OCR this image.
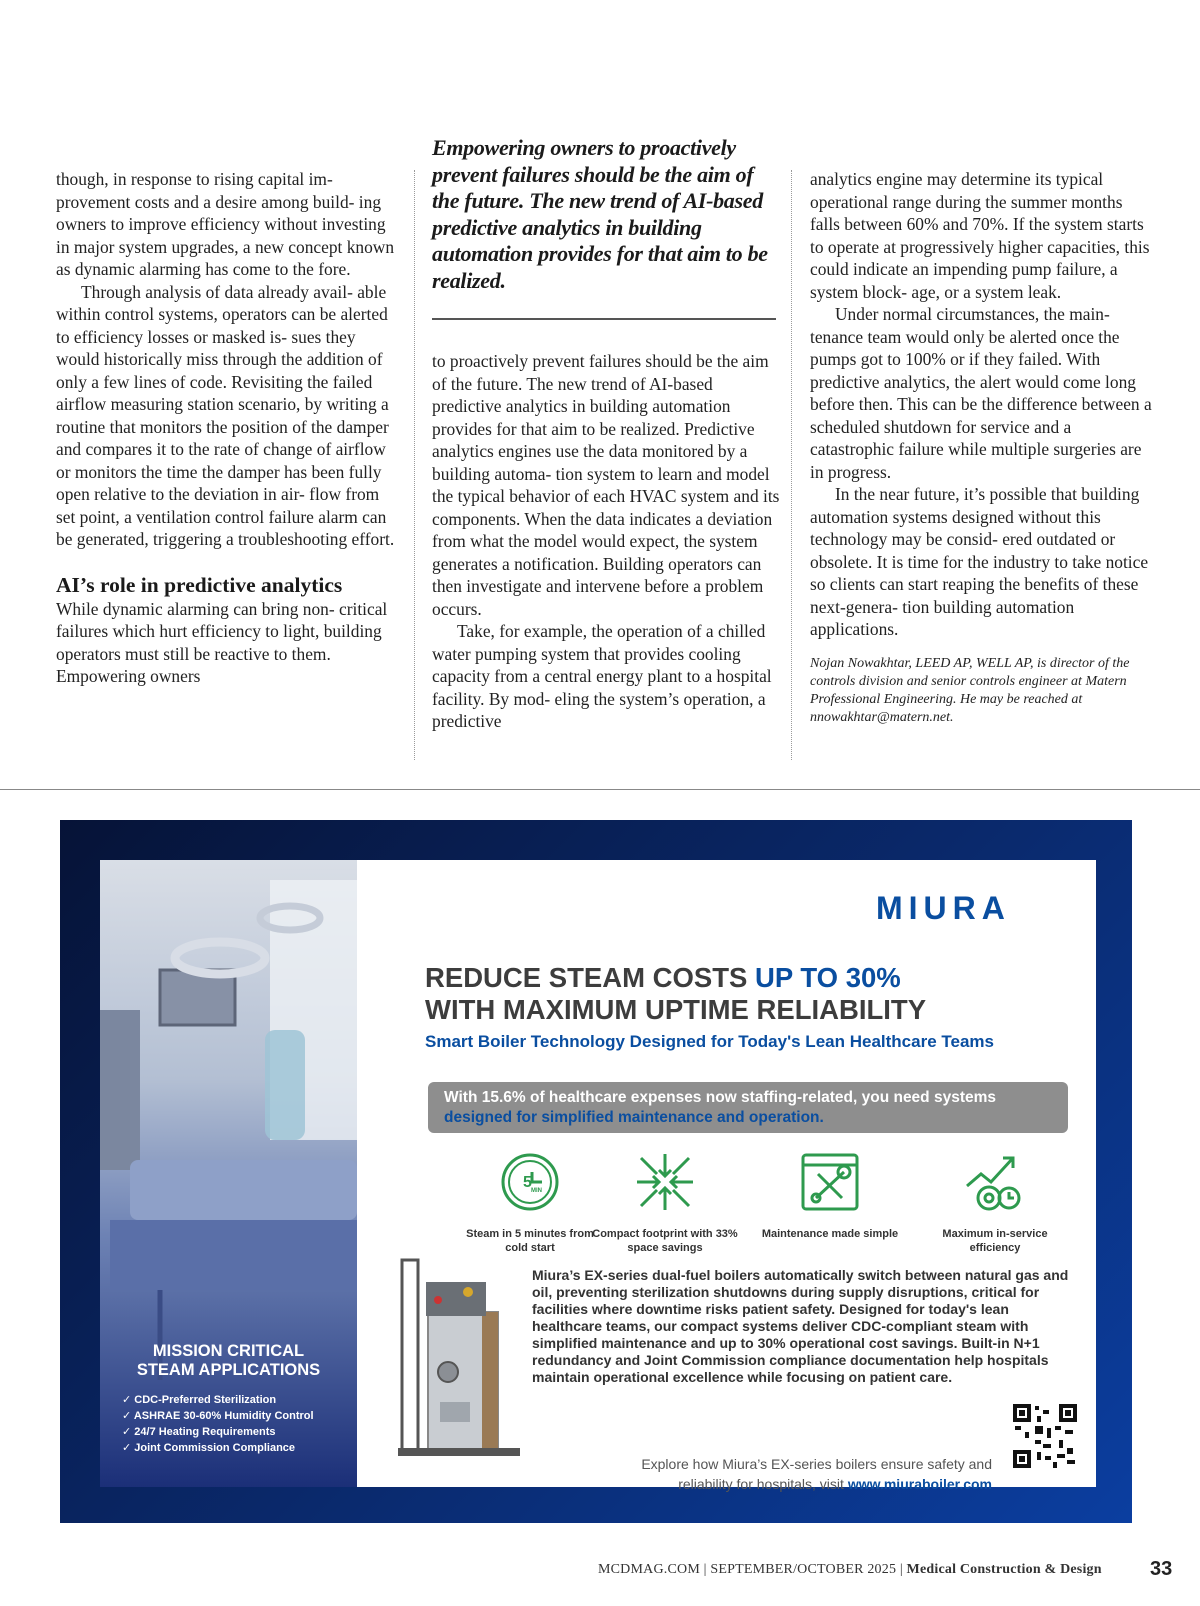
though, in response to rising capital im- provement costs and a desire among build- ing owners to improve efficiency without investing in major system upgrades, a new concept known as dynamic alarming has come to the fore.

Through analysis of data already avail- able within control systems, operators can be alerted to efficiency losses or masked is- sues they would historically miss through the addition of only a few lines of code. Revisiting the failed airflow measuring station scenario, by writing a routine that monitors the position of the damper and compares it to the rate of change of airflow or monitors the time the damper has been fully open relative to the deviation in air- flow from set point, a ventilation control failure alarm can be generated, triggering a troubleshooting effort.

AI’s role in predictive analytics

While dynamic alarming can bring non- critical failures which hurt efficiency to light, building operators must still be reactive to them. Empowering owners

Empowering owners to proactively prevent failures should be the aim of the future. The new trend of AI-based predictive analytics in building automation provides for that aim to be realized.

to proactively prevent failures should be the aim of the future. The new trend of AI-based predictive analytics in building automation provides for that aim to be realized. Predictive analytics engines use the data monitored by a building automa- tion system to learn and model the typical behavior of each HVAC system and its components. When the data indicates a deviation from what the model would expect, the system generates a notification. Building operators can then investigate and intervene before a problem occurs.

Take, for example, the operation of a chilled water pumping system that provides cooling capacity from a central energy plant to a hospital facility. By mod- eling the system’s operation, a predictive

analytics engine may determine its typical operational range during the summer months falls between 60% and 70%. If the system starts to operate at progressively higher capacities, this could indicate an impending pump failure, a system block- age, or a system leak.

Under normal circumstances, the main- tenance team would only be alerted once the pumps got to 100% or if they failed. With predictive analytics, the alert would come long before then. This can be the difference between a scheduled shutdown for service and a catastrophic failure while multiple surgeries are in progress.

In the near future, it’s possible that building automation systems designed without this technology may be consid- ered outdated or obsolete. It is time for the industry to take notice so clients can start reaping the benefits of these next-genera- tion building automation applications.

Nojan Nowakhtar, LEED AP, WELL AP, is director of the controls division and senior controls engineer at Matern Professional Engineering. He may be reached at nnowakhtar@matern.net.

MISSION CRITICAL
STEAM APPLICATIONS
✓ CDC-Preferred Sterilization
✓ ASHRAE 30-60% Humidity Control
✓ 24/7 Heating Requirements
✓ Joint Commission Compliance
MIURA
REDUCE STEAM COSTS UP TO 30%
WITH MAXIMUM UPTIME RELIABILITY
Smart Boiler Technology Designed for Today's Lean Healthcare Teams
With 15.6% of healthcare expenses now staffing-related, you need systems
designed for simplified maintenance and operation.
5 MIN
Steam in 5 minutes from cold start
Compact footprint with 33% space savings
Maintenance made simple	Maximum in-service efficiency
Miura’s EX-series dual-fuel boilers automatically switch between natural gas and oil, preventing sterilization shutdowns during supply disruptions, critical for facilities where downtime risks patient safety. Designed for today's lean healthcare teams, our compact systems deliver CDC-compliant steam with simplified maintenance and up to 30% operational cost savings. Built-in N+1 redundancy and Joint Commission compliance documentation help hospitals maintain operational excellence while focusing on patient care.
Explore how Miura’s EX-series boilers ensure safety and
reliability for hospitals, visit www.miuraboiler.com
MCDMAG.COM | SEPTEMBER/OCTOBER 2025 | Medical Construction & Design 33
